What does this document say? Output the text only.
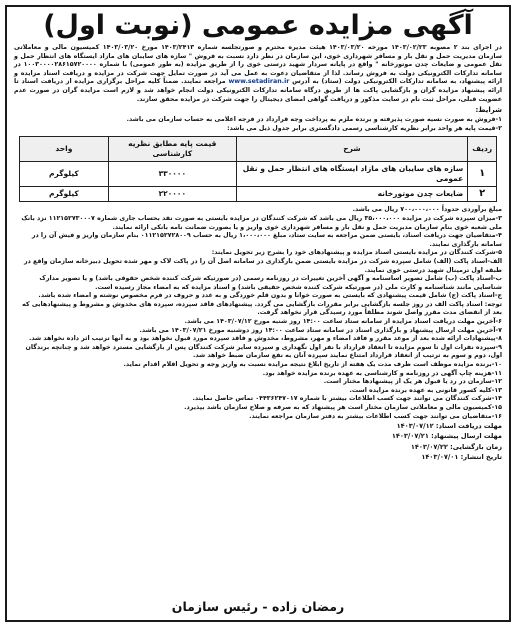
آگهی مزایده عمومی (نوبت اول)

در اجرای بند ۲ مصوبه ۱۴۰۳/۰۲/۲۳ مورخه ۱۴۰۳/۰۳/۲۰ هیئت مدیره محترم و صورتجلسه شماره ۱۴۰۳/۲۴۱۳ مورخ ۱۴۰۳/۰۳/۲۰ کمیسیون مالی و معاملاتی سازمان مدیریت حمل و نقل بار و مسافر شهرداری خوی، این سازمان در نظر دارد نسبت به فروش " سازه های سایبان های مازاد ایستگاه های انتظار حمل و نقل عمومی و ضایعات چدن موتورخانه " واقع در پایانه سردار شهید درستی خوی را از طریق مزایده (به طور عمومی) با شماره ۱۰۰۳۰۰۰۰۲۸۶۱۵۷۲۰۰۰۰ در سامانه تدارکات الکترونیکی دولت به فروش رساند. لذا از متقاضیان دعوت به عمل می آید در صورت تمایل جهت شرکت در مزایده و دریافت اسناد مزایده و ارائه پیشنهاد، به سامانه تدارکات الکترونیکی دولت (ستاد) به آدرس www.setadiran.ir مراجعه نمایند. ضمناً کلیه مراحل برگزاری مزایده از دریافت اسناد تا ارائه پیشنهاد مزایده گران و بازگشایی پاکت ها از طریق درگاه سامانه تدارکات الکترونیکی دولت انجام خواهد شد و لازم است مزایده گران در صورت عدم عضویت قبلی، مراحل ثبت نام در سایت مذکور و دریافت گواهی امضای دیجیتال را جهت شرکت در مزایده محقق سازند.

شرایط:

۱-فروش به صورت نسیه صورت پذیرفته و برنده ملزم به پرداخت وجه قرارداد در فرجه اعلامی به حساب سازمان می باشد.

۲-قیمت پایه هر واحد برابر نظریه کارشناسی رسمی دادگستری برابر جدول ذیل می باشد:

ردیف	شرح	قیمت پایه مطابق نظریه کارشناسی	واحد
۱	سازه های سایبان های مازاد ایستگاه های انتظار حمل و نقل عمومی	۳۳۰۰۰۰	کیلوگرم
۲	ضایعات چدن موتورخانه	۲۲۰۰۰۰	کیلوگرم

مبلغ برآوردی حدوداً ۷۰۰،۰۰۰،۰۰۰ ریال می باشد.

۳-میزان سپرده شرکت در مزایده ۳۵،۰۰۰،۰۰۰ ریال می باشد که شرکت کنندگان در مزایده بایستی به صورت نقد بحساب جاری شماره ۱۱۲۱۵۲۷۳۰۰۰۷ نزد بانک ملی شعبه خوی بنام سازمان مدیریت حمل و نقل بار و مسافر شهرداری خوی واریز و یا بصورت ضمانت نامه بانکی ارائه نمایند.

۴-متقاضیان جهت دریافت اسناد، بایستی ضمن مراجعه به سایت ستاد، مبلغ ۱،۰۰۰،۰۰۰ ریال به حساب ۰۱۱۲۱۵۲۷۲۸۰۰۹ بنام سازمان واریز و فیش آن را در سامانه بارگذاری نمایند.

۵-شرکت کنندگان در مزایده بایستی اسناد مزایده و پیشنهادهای خود را بشرح زیر تحویل نمایند:

الف-اسناد پاکت (الف) شامل سپرده شرکت در مزایده بایستی ضمن بارگذاری در سامانه اصل آن را در پاکت لاک و مهر شده تحویل دبیرخانه سازمان واقع در طبقه اول ترمینال شهید درستی خوی نمایند.

ب-اسناد پاکت (ب) شامل تصویر اساسنامه و آگهی آخرین تغییرات در روزنامه رسمی (در صورتیکه شرکت کننده شخص حقوقی باشد) و یا تصویر مدارک شناسایی مانند شناسنامه و کارت ملی (در صورتیکه شرکت کننده شخص حقیقی باشد) و اسناد مزایده که به امضاء مجاز رسیده است.

ج-اسناد پاکت (ج) شامل قیمت پیشنهادی که بایستی به صورت خوانا و بدون قلم خوردگی و به عدد و حروف در فرم مخصوص نوشته و امضاء شده باشد.

توجه: اسناد پاکت الف در روز جلسه بازگشایی برابر مقررات بازگشایی می گردد. پیشنهادهای فاقد سپرده، سپرده های مخدوش و مشروط و پیشنهادهایی که بعد از انقضای مدت مقرر واصل شوند مطلقاً مورد رسیدگی قرار نخواهد گرفت.

۶-آخرین مهلت دریافت اسناد مزایده از سامانه ستاد ساعت ۱۴:۰۰ روز شنبه مورخ ۱۴۰۳/۰۷/۱۲ می باشد.

۷-آخرین مهلت ارسال پیشنهاد و بارگذاری اسناد در سامانه ستاد ساعت ۱۴:۰۰ روز دوشنبه مورخ ۱۴۰۳/۰۷/۲۱ می باشد.

۸-پیشنهادات ارائه شده بعد از موعد مقرر و فاقد امضاء و مهر، مشروط، مخدوش و فاقد سپرده مورد قبول نخواهد بود و به آنها ترتیب اثر داده نخواهد شد.

۹-سپرده نفرات اول تا سوم مزایده تا انعقاد قرارداد با نفر اول نگهداری و سپرده سایر شرکت کنندگان پس از بازگشایی مسترد خواهد شد و چنانچه برندگان اول، دوم و سوم به ترتیب از انعقاد قرارداد امتناع نمایند سپرده آنان به نفع سازمان ضبط خواهد شد.

۱۰-برنده مزایده موظف است ظرف مدت یک هفته از تاریخ ابلاغ نتیجه مزایده نسبت به واریز وجه و تحویل اقلام اقدام نماید.

۱۱-هزینه چاپ آگهی در روزنامه و کارشناسی به عهده برنده مزایده خواهد بود.

۱۲-سازمان در رد یا قبول هر یک از پیشنهادها مختار است.

۱۳-کلیه کسور قانونی به عهده برنده مزایده است.

۱۴-شرکت کنندگان می توانند جهت کسب اطلاعات بیشتر با شماره ۰۴۴۳۶۲۴۷۰۱۷ تماس حاصل نمایند.

۱۵-کمیسیون مالی و معاملاتی سازمان مختار است هر پیشنهاد که به صرفه و صلاح سازمان باشد بپذیرد.

۱۶-متقاضیان می توانند جهت کسب اطلاعات بیشتر به دفتر سازمان مراجعه نمایند.

مهلت دریافت اسناد: ۱۴۰۳/۰۷/۱۲
مهلت ارسال پیشنهاد: ۱۴۰۳/۰۷/۲۱
زمان بازگشایی: ۱۴۰۳/۰۷/۲۲
تاریخ انتشار: ۱۴۰۳/۰۷/۰۱
رمضان زاده - رئیس سازمان
